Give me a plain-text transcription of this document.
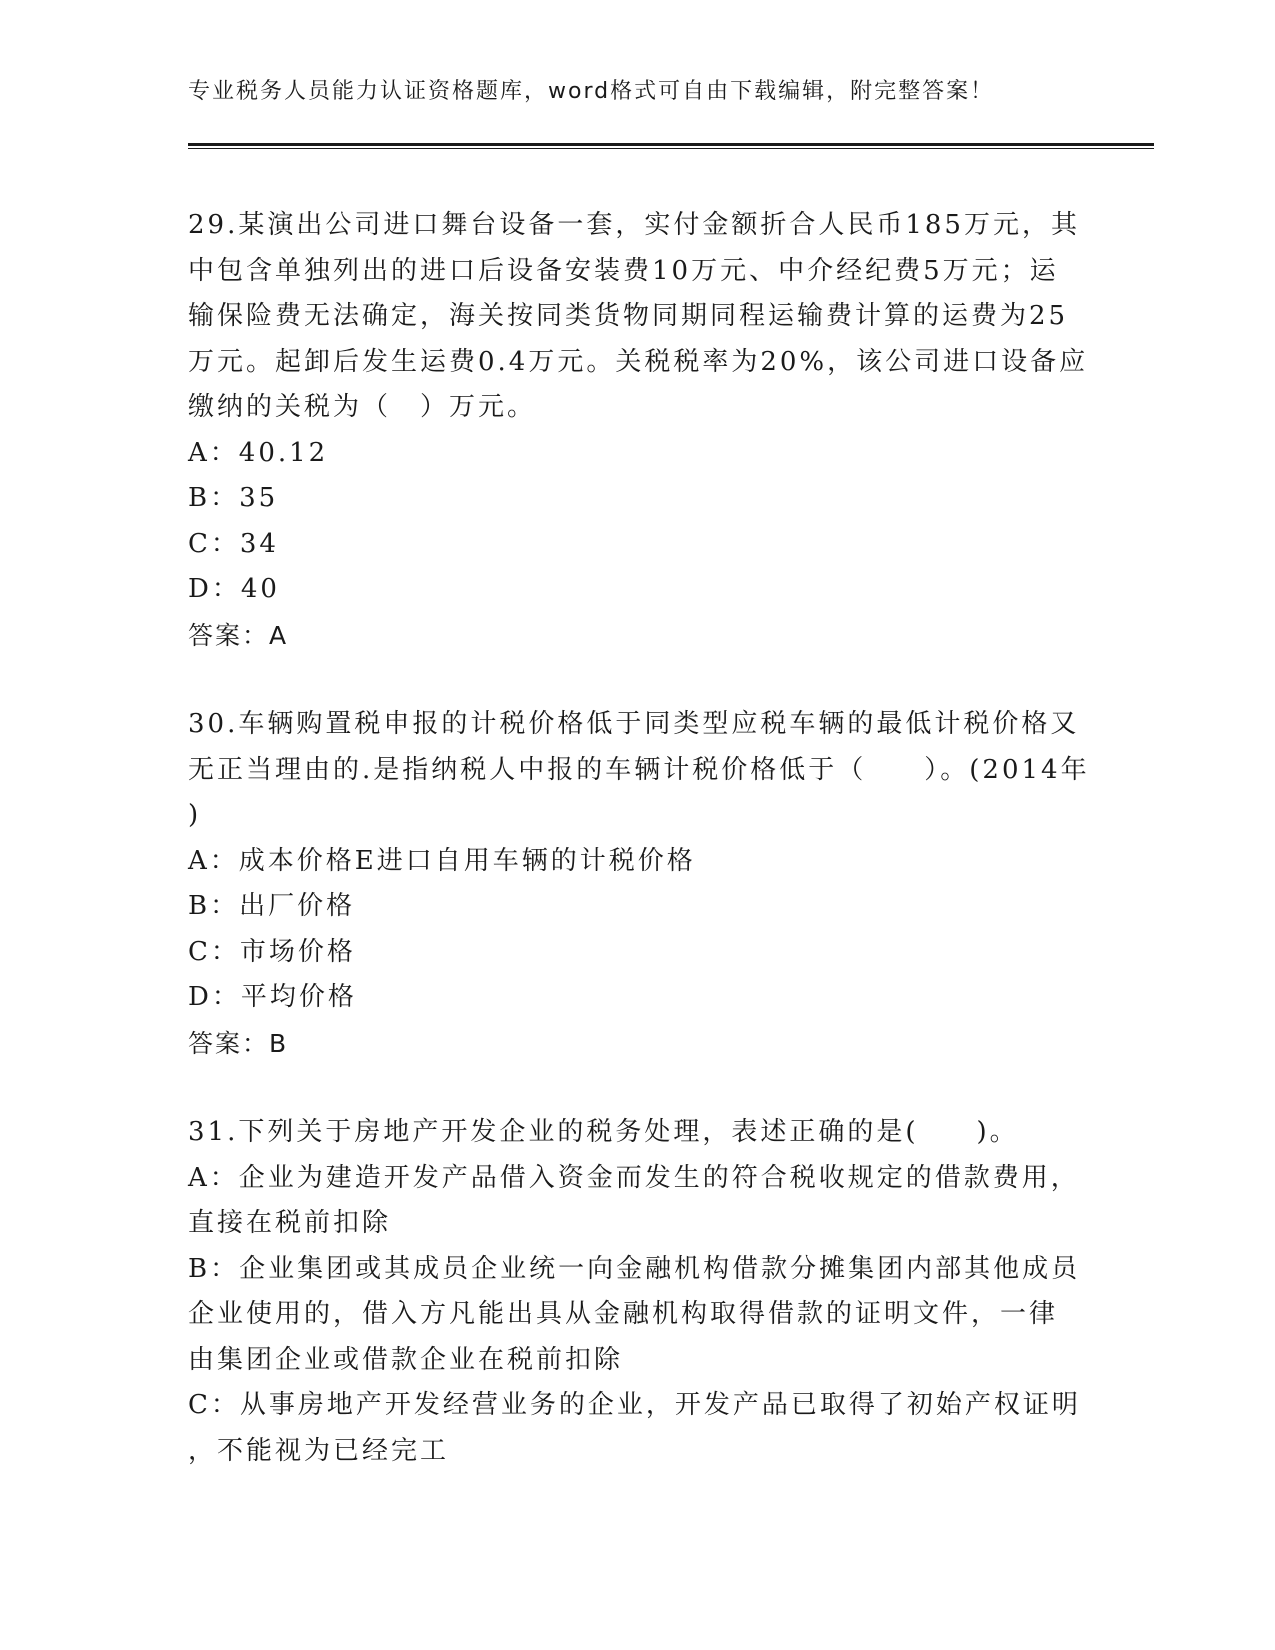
专业税务人员能力认证资格题库，word格式可自由下载编辑，附完整答案！
29.某演出公司进口舞台设备一套，实付金额折合人民币185万元，其
中包含单独列出的进口后设备安装费10万元、中介经纪费5万元；运
输保险费无法确定，海关按同类货物同期同程运输费计算的运费为25
万元。起卸后发生运费0.4万元。关税税率为20%，该公司进口设备应
缴纳的关税为（　）万元。
A：40.12
B：35
C：34
D：40
答案：A
30.车辆购置税申报的计税价格低于同类型应税车辆的最低计税价格又
无正当理由的.是指纳税人中报的车辆计税价格低于（　　）。(2014年
)
A：成本价格E进口自用车辆的计税价格
B：出厂价格
C：市场价格
D：平均价格
答案：B
31.下列关于房地产开发企业的税务处理，表述正确的是(　　)。
A：企业为建造开发产品借入资金而发生的符合税收规定的借款费用，
直接在税前扣除
B：企业集团或其成员企业统一向金融机构借款分摊集团内部其他成员
企业使用的，借入方凡能出具从金融机构取得借款的证明文件，一律
由集团企业或借款企业在税前扣除
C：从事房地产开发经营业务的企业，开发产品已取得了初始产权证明
，不能视为已经完工
